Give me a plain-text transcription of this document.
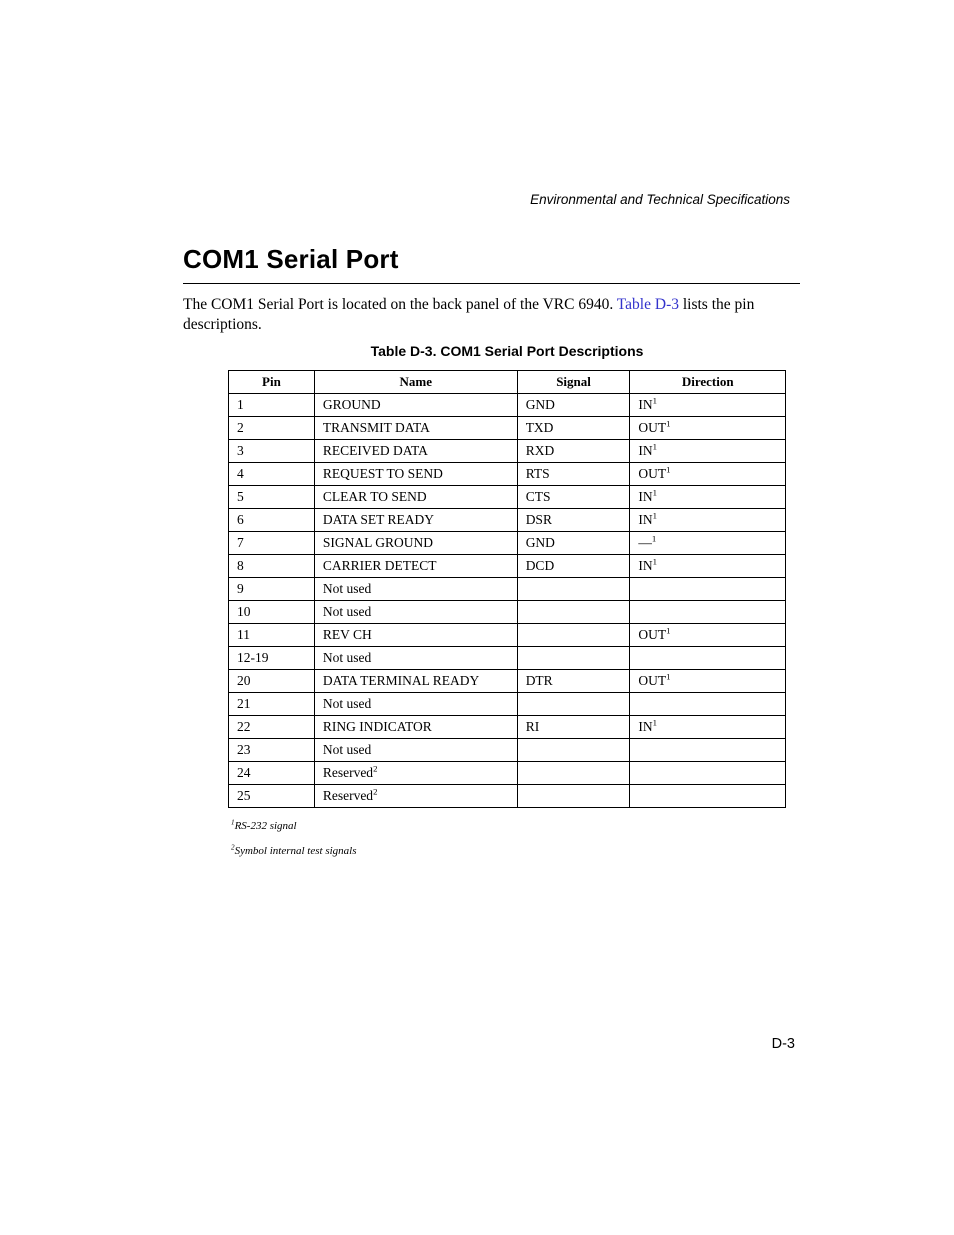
Environmental and Technical Specifications
COM1 Serial Port

The COM1 Serial Port is located on the back panel of the VRC 6940. Table D-3 lists the pin descriptions.

Table D-3. COM1 Serial Port Descriptions
Pin	Name	Signal	Direction
1	GROUND	GND	$IN^1$
2	TRANSMIT DATA	TXD	OUT$^1$
3	RECEIVED DATA	RXD	$IN^1$
4	REQUEST TO SEND	RTS	OUT$^1$
5	CLEAR TO SEND	CTS	$IN^1$
6	DATA SET READY	DSR	$IN^1$
7	SIGNAL GROUND	GND	—$^1$
8	CARRIER DETECT	DCD	$IN^1$
9	Not used		
10	Not used		
11	REV CH		OUT$^1$
12-19	Not used		
20	DATA TERMINAL READY	DTR	OUT$^1$
21	Not used		
22	RING INDICATOR	RI	$IN^1$
23	Not used		
24	Reserved$^2$		
25	Reserved$^2$		
$^1$RS-232 signal
$^2$Symbol internal test signals
D-3
